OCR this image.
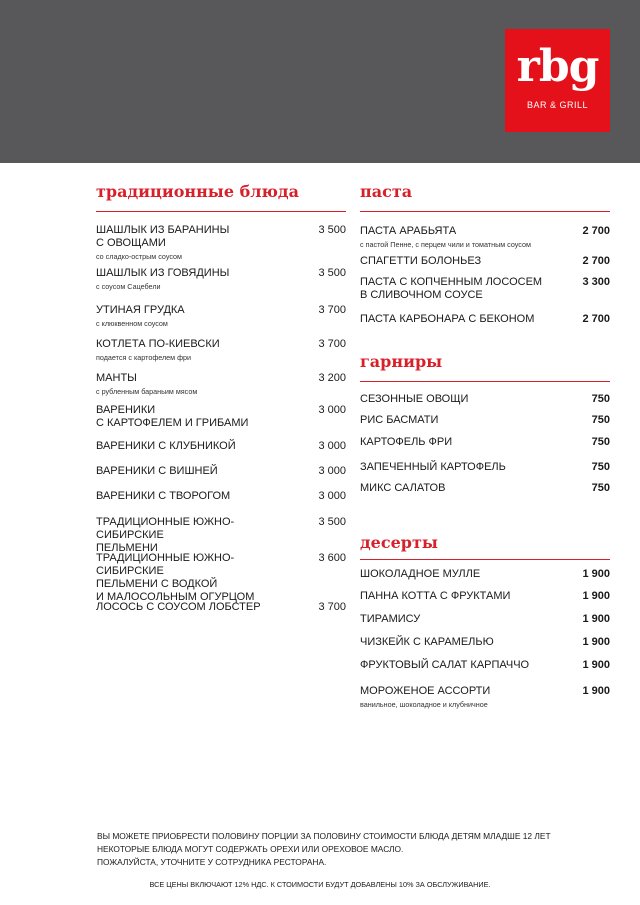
rbg
BAR & GRILL
традиционные блюда
ШАШЛЫК ИЗ БАРАНИНЫ
С ОВОЩАМИ
со сладко-острым соусом
3 500
ШАШЛЫК ИЗ ГОВЯДИНЫ
с соусом Сацебели
3 500
УТИНАЯ ГРУДКА
с клюквенном соусом
3 700
КОТЛЕТА ПО-КИЕВСКИ
подается с картофелем фри
3 700
МАНТЫ
с рубленным бараньим мясом
3 200
ВАРЕНИКИ
С КАРТОФЕЛЕМ И ГРИБАМИ
3 000
ВАРЕНИКИ С КЛУБНИКОЙ	3 000
ВАРЕНИКИ С ВИШНЕЙ	3 000
ВАРЕНИКИ С ТВОРОГОМ	3 000
ТРАДИЦИОННЫЕ ЮЖНО-СИБИРСКИЕ
ПЕЛЬМЕНИ
3 500
ТРАДИЦИОННЫЕ ЮЖНО-СИБИРСКИЕ
ПЕЛЬМЕНИ С ВОДКОЙ
И МАЛОСОЛЬНЫМ ОГУРЦОМ
3 600
ЛОСОСЬ С СОУСОМ ЛОБСТЕР	3 700
паста
ПАСТА АРАБЬЯТА
с пастой Пенне, с перцем чили и томатным соусом
2 700
СПАГЕТТИ БОЛОНЬЕЗ	2 700
ПАСТА С КОПЧЕННЫМ ЛОСОСЕМ
В СЛИВОЧНОМ СОУСЕ
3 300
ПАСТА КАРБОНАРА С БЕКОНОМ	2 700
гарниры
СЕЗОННЫЕ ОВОЩИ	750
РИС БАСМАТИ	750
КАРТОФЕЛЬ ФРИ	750
ЗАПЕЧЕННЫЙ КАРТОФЕЛЬ	750
МИКС САЛАТОВ	750
десерты
ШОКОЛАДНОЕ МУЛЛЕ	1 900
ПАННА КОТТА С ФРУКТАМИ	1 900
ТИРАМИСУ	1 900
ЧИЗКЕЙК С КАРАМЕЛЬЮ	1 900
ФРУКТОВЫЙ САЛАТ КАРПАЧЧО	1 900
МОРОЖЕНОЕ АССОРТИ
ванильное, шоколадное и клубничное
1 900
ВЫ МОЖЕТЕ ПРИОБРЕСТИ ПОЛОВИНУ ПОРЦИИ ЗА ПОЛОВИНУ СТОИМОСТИ БЛЮДА ДЕТЯМ МЛАДШЕ 12 ЛЕТ
НЕКОТОРЫЕ БЛЮДА МОГУТ СОДЕРЖАТЬ ОРЕХИ ИЛИ ОРЕХОВОЕ МАСЛО.
ПОЖАЛУЙСТА, УТОЧНИТЕ У СОТРУДНИКА РЕСТОРАНА.
ВСЕ ЦЕНЫ ВКЛЮЧАЮТ 12% НДС. К СТОИМОСТИ БУДУТ ДОБАВЛЕНЫ 10% ЗА ОБСЛУЖИВАНИЕ.
